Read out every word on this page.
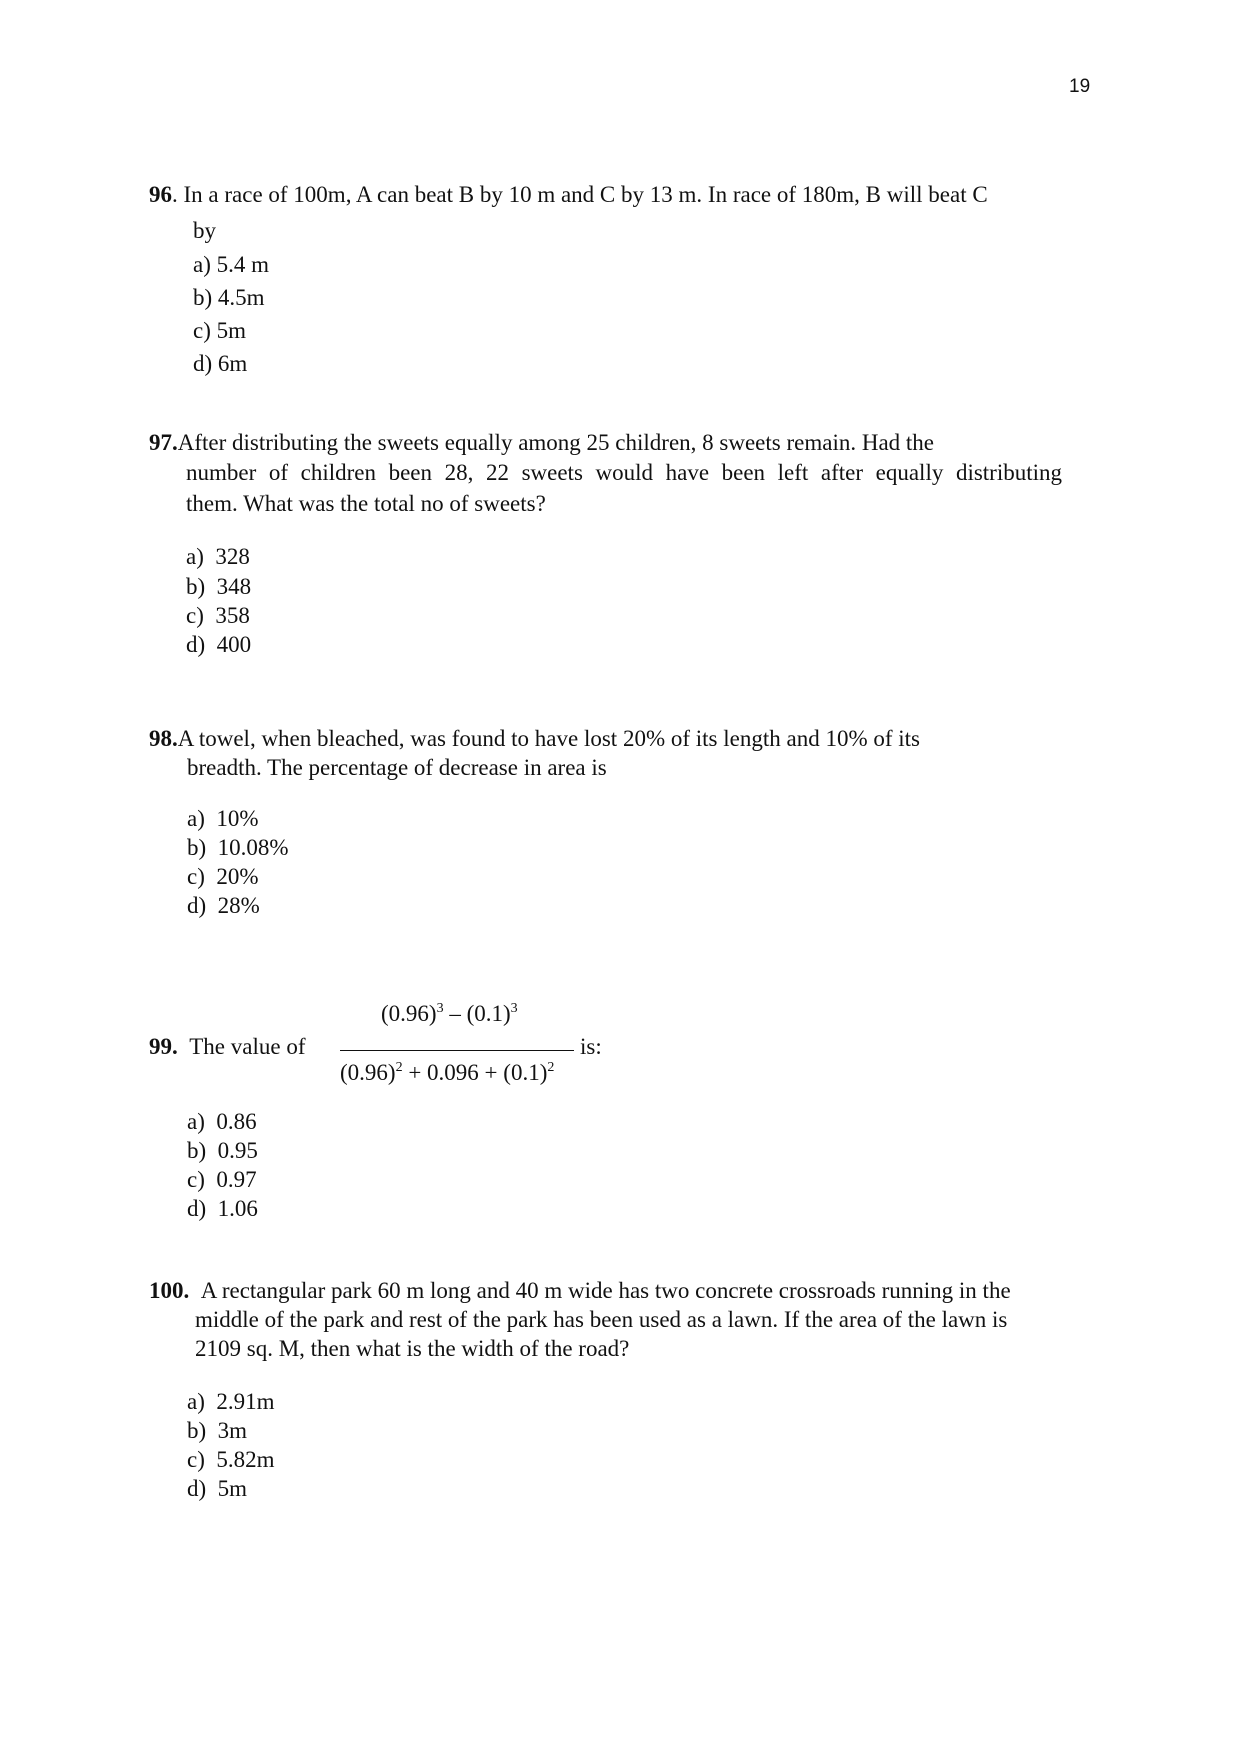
19
96. In a race of 100m, A can beat B by 10 m and C by 13 m. In race of 180m, B will beat C
by
a) 5.4 m
b) 4.5m
c) 5m
d) 6m
97.After distributing the sweets equally among 25 children, 8 sweets remain. Had the
number of children been 28, 22 sweets would have been left after equally distributing
them. What was the total no of sweets?
a) 328
b) 348
c) 358
d) 400
98.A towel, when bleached, was found to have lost 20% of its length and 10% of its
breadth. The percentage of decrease in area is
a) 10%
b) 10.08%
c) 20%
d) 28%
99. The value of
$(0.96)^3 - (0.1)^3$
$(0.96)^2 + 0.096 + (0.1)^2$
is:
a) 0.86
b) 0.95
c) 0.97
d) 1.06
100. A rectangular park 60 m long and 40 m wide has two concrete crossroads running in the
middle of the park and rest of the park has been used as a lawn. If the area of the lawn is
2109 sq. M, then what is the width of the road?
a) 2.91m
b) 3m
c) 5.82m
d) 5m
